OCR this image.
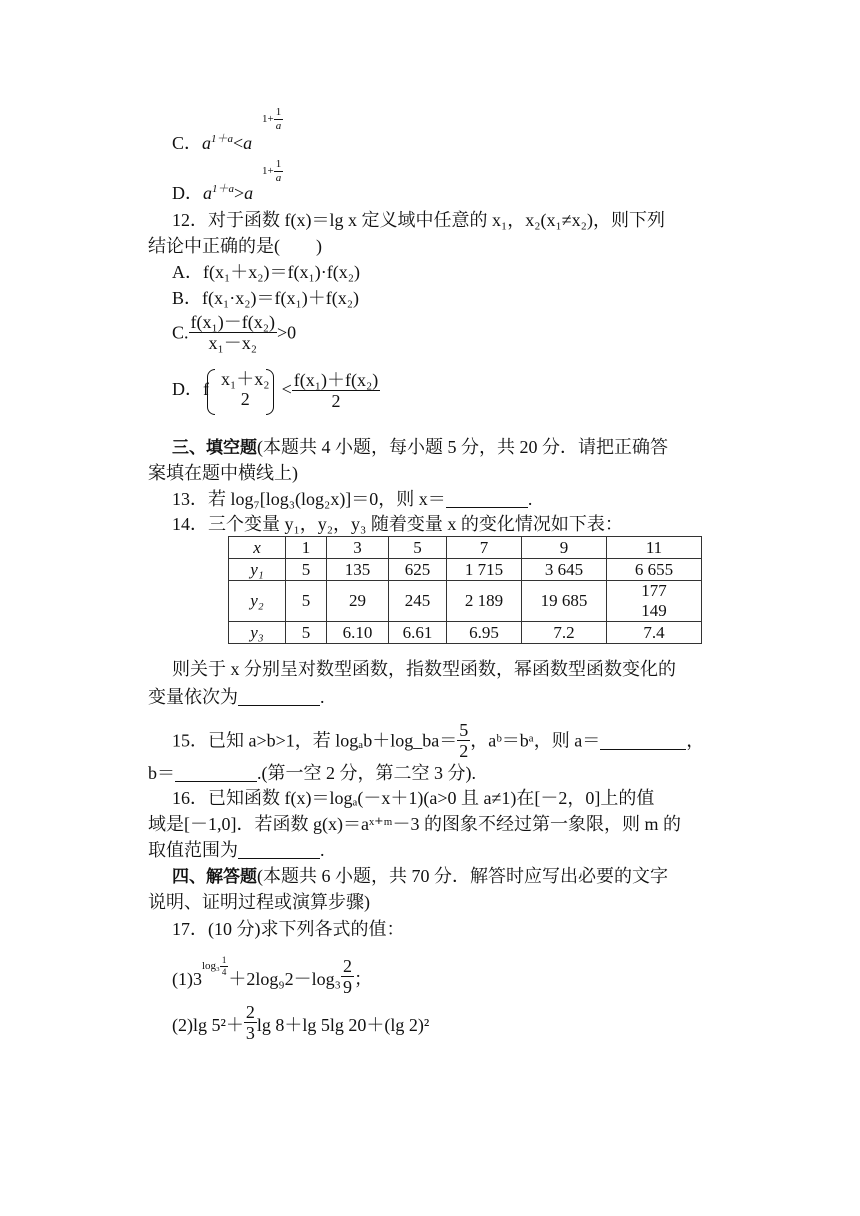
C．$a^{1+a}<a$
$1+ \frac{1}{a}$
D．$a^{1+a}>a$
$1+ \frac{1}{a}$
12．对于函数 f(x)＝lg x 定义域中任意的 x₁，x₂(x₁≠x₂)，则下列
结论中正确的是(　　)
A．f(x₁＋x₂)＝f(x₁)·f(x₂)
B．f(x₁·x₂)＝f(x₁)＋f(x₂)
C. $\frac{\text{f(x₁)－f(x₂)}}{\text{x₁－x₂}} >0$
D．f x₁＋x₂
2	< $\frac{\text{f(x₁)＋f(x₂)}}{2}$
三、填空题(本题共 4 小题，每小题 5 分，共 20 分．请把正确答
案填在题中横线上)
13．若 log₇[log₃(log₂x)]＝0，则 x＝	.
14．三个变量 y₁，y₂，y₃ 随着变量 x 的变化情况如下表：
x	1	3	5	7	9	11
y₁	5	135	625	1 715	3 645	6 655
y₂	5	29	245	2 189	19 685	177
149
y₃	5	6.10	6.61	6.95	7.2	7.4
则关于 x 分别呈对数型函数，指数型函数，幂函数型函数变化的
变量依次为	.
15．已知 a>b>1，若 logₐb＋log_ba＝ $\frac{5}{2}$ ，aᵇ＝bᵃ，则 a＝	，
b＝	.(第一空 2 分，第二空 3 分).
16．已知函数 f(x)＝logₐ(－x＋1)(a>0 且 a≠1)在[－2，0]上的值
域是[－1,0]．若函数 g(x)＝aˣ⁺ᵐ－3 的图象不经过第一象限，则 m 的
取值范围为	.
四、解答题(本题共 6 小题，共 70 分．解答时应写出必要的文字
说明、证明过程或演算步骤)
17．(10 分)求下列各式的值：
$(1)3^{log_3 \frac{1}{4}}$
$+2\log_92-\log_3 \frac{2}{9}$ ；
(2)lg $5^2+ \frac{2}{3}$ lg 8＋lg 5lg 20＋(lg 2)²
